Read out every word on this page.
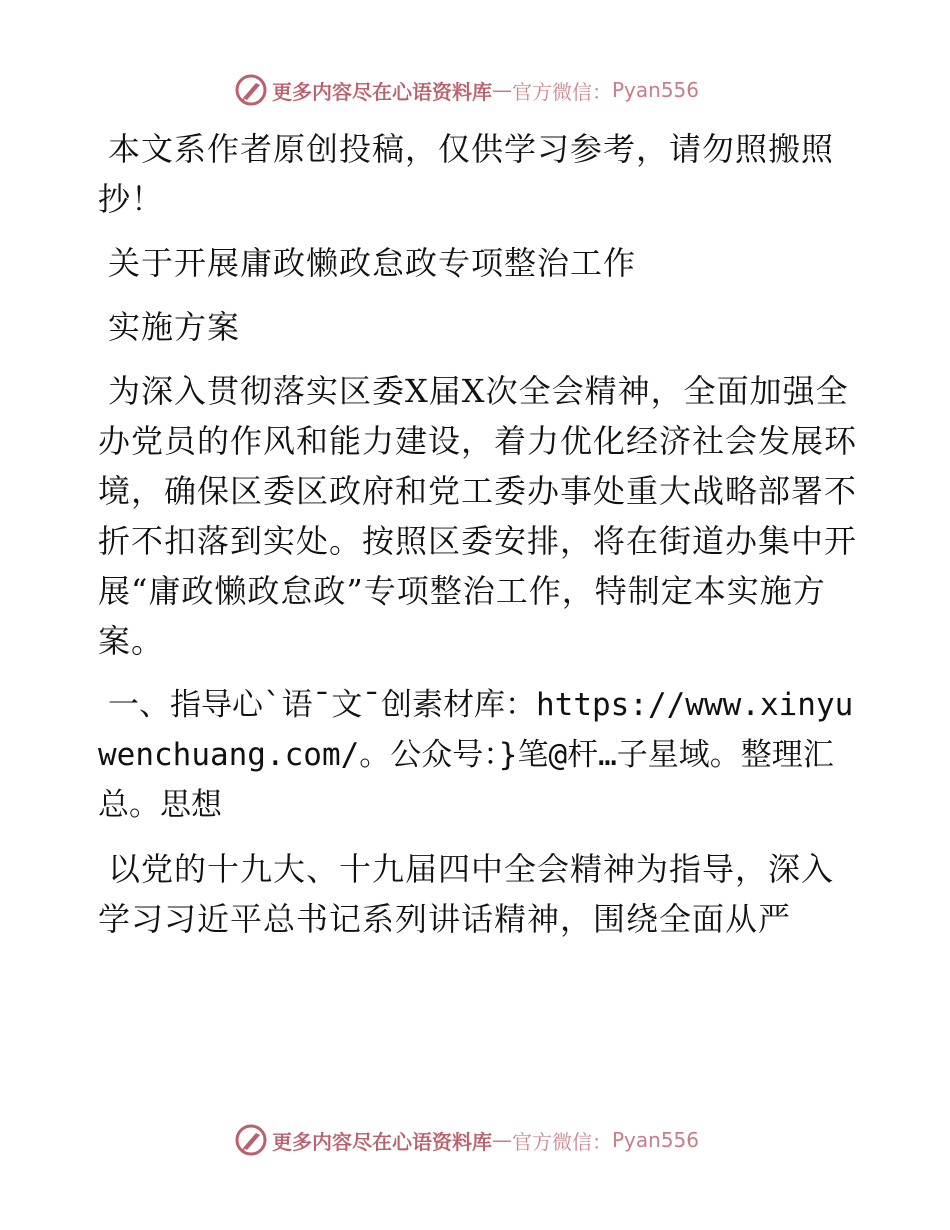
更多内容尽在心语资料库 — 官方微信： Pyan556

本文系作者原创投稿，仅供学习参考，请勿照搬照抄！

关于开展庸政懒政怠政专项整治工作

实施方案

为深入贯彻落实区委X届X次全会精神，全面加强全办党员的作风和能力建设，着力优化经济社会发展环境，确保区委区政府和党工委办事处重大战略部署不折不扣落到实处。按照区委安排，将在街道办集中开展“庸政懒政怠政”专项整治工作，特制定本实施方案。

一、指导心`语¯文¯创素材库：https://www.xinyuwenchuang.com/。公众号：}笔@杆…子星域。整理汇总。思想

以党的十九大、十九届四中全会精神为指导，深入学习习近平总书记系列讲话精神，围绕全面从严

更多内容尽在心语资料库 — 官方微信： Pyan556
